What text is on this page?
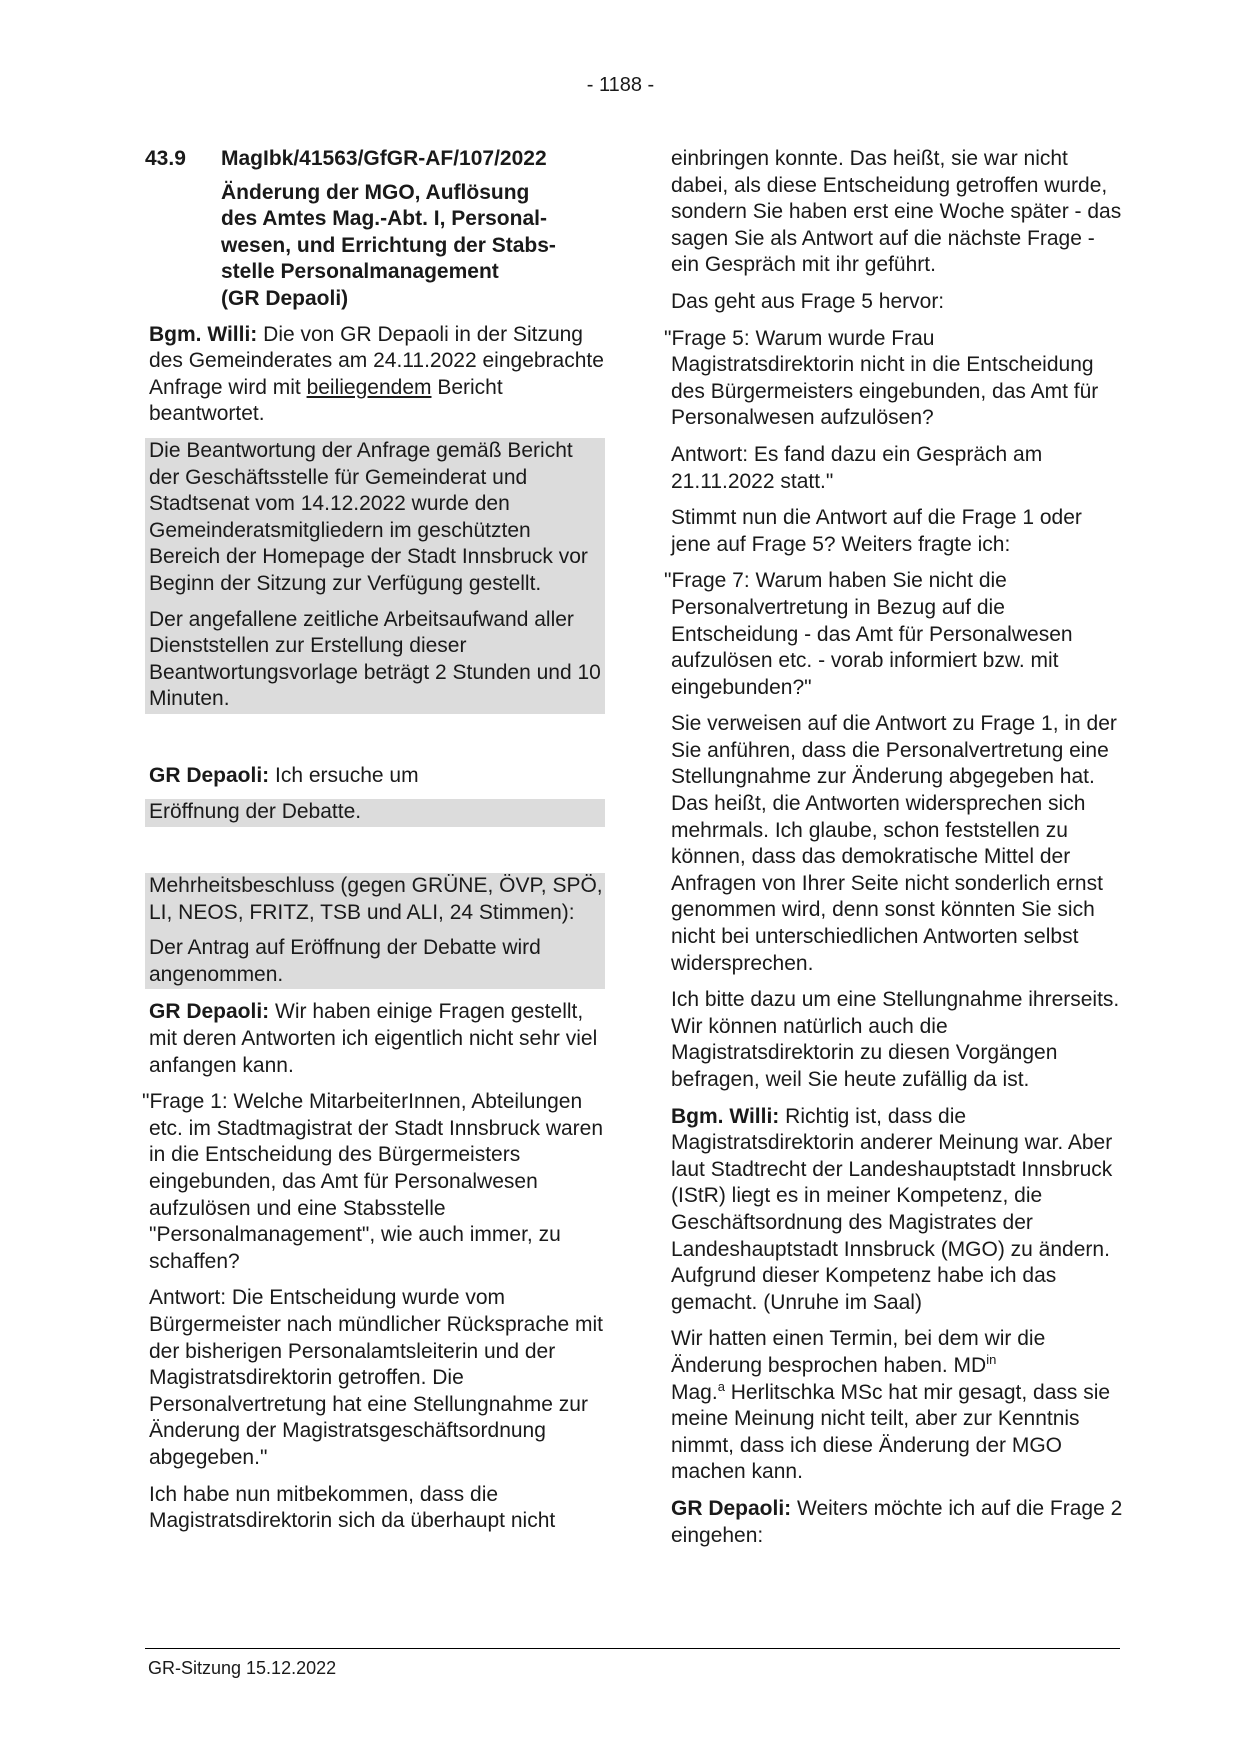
- 1188 -
43.9	MagIbk/41563/GfGR-AF/107/2022
Änderung der MGO, Auflösung
des Amtes Mag.-Abt. I, Personal-
wesen, und Errichtung der Stabs-
stelle Personalmanagement
(GR Depaoli)
Bgm. Willi: Die von GR Depaoli in der Sitzung des Gemeinderates am 24.11.2022 eingebrachte Anfrage wird mit beiliegendem Bericht beantwortet.
Die Beantwortung der Anfrage gemäß Bericht der Geschäftsstelle für Gemeinderat und Stadtsenat vom 14.12.2022 wurde den Gemeinderatsmitgliedern im geschützten Bereich der Homepage der Stadt Innsbruck vor Beginn der Sitzung zur Verfügung gestellt.
Der angefallene zeitliche Arbeitsaufwand aller Dienststellen zur Erstellung dieser Beantwortungsvorlage beträgt 2 Stunden und 10 Minuten.
GR Depaoli: Ich ersuche um
Eröffnung der Debatte.
Mehrheitsbeschluss (gegen GRÜNE, ÖVP, SPÖ, LI, NEOS, FRITZ, TSB und ALI, 24 Stimmen):
Der Antrag auf Eröffnung der Debatte wird angenommen.
GR Depaoli: Wir haben einige Fragen gestellt, mit deren Antworten ich eigentlich nicht sehr viel anfangen kann.
"Frage 1: Welche MitarbeiterInnen, Abteilungen etc. im Stadtmagistrat der Stadt Innsbruck waren in die Entscheidung des Bürgermeisters eingebunden, das Amt für Personalwesen aufzulösen und eine Stabsstelle "Personalmanagement", wie auch immer, zu schaffen?
Antwort: Die Entscheidung wurde vom Bürgermeister nach mündlicher Rücksprache mit der bisherigen Personalamtsleiterin und der Magistratsdirektorin getroffen. Die Personalvertretung hat eine Stellungnahme zur Änderung der Magistratsgeschäftsordnung abgegeben."
Ich habe nun mitbekommen, dass die Magistratsdirektorin sich da überhaupt nicht
einbringen konnte. Das heißt, sie war nicht dabei, als diese Entscheidung getroffen wurde, sondern Sie haben erst eine Woche später - das sagen Sie als Antwort auf die nächste Frage - ein Gespräch mit ihr geführt.
Das geht aus Frage 5 hervor:
"Frage 5: Warum wurde Frau Magistratsdirektorin nicht in die Entscheidung des Bürgermeisters eingebunden, das Amt für Personalwesen aufzulösen?
Antwort: Es fand dazu ein Gespräch am 21.11.2022 statt."
Stimmt nun die Antwort auf die Frage 1 oder jene auf Frage 5? Weiters fragte ich:
"Frage 7: Warum haben Sie nicht die Personalvertretung in Bezug auf die Entscheidung - das Amt für Personalwesen aufzulösen etc. - vorab informiert bzw. mit eingebunden?"
Sie verweisen auf die Antwort zu Frage 1, in der Sie anführen, dass die Personalvertretung eine Stellungnahme zur Änderung abgegeben hat. Das heißt, die Antworten widersprechen sich mehrmals. Ich glaube, schon feststellen zu können, dass das demokratische Mittel der Anfragen von Ihrer Seite nicht sonderlich ernst genommen wird, denn sonst könnten Sie sich nicht bei unterschiedlichen Antworten selbst widersprechen.
Ich bitte dazu um eine Stellungnahme ihrerseits. Wir können natürlich auch die Magistratsdirektorin zu diesen Vorgängen befragen, weil Sie heute zufällig da ist.
Bgm. Willi: Richtig ist, dass die Magistratsdirektorin anderer Meinung war. Aber laut Stadtrecht der Landeshauptstadt Innsbruck (IStR) liegt es in meiner Kompetenz, die Geschäftsordnung des Magistrates der Landeshauptstadt Innsbruck (MGO) zu ändern. Aufgrund dieser Kompetenz habe ich das gemacht. (Unruhe im Saal)
Wir hatten einen Termin, bei dem wir die Änderung besprochen haben. $MD^{in}$
Mag.$^a$ Herlitschka MSc hat mir gesagt, dass sie meine Meinung nicht teilt, aber zur Kenntnis nimmt, dass ich diese Änderung der MGO machen kann.
GR Depaoli: Weiters möchte ich auf die Frage 2 eingehen:
GR-Sitzung 15.12.2022
